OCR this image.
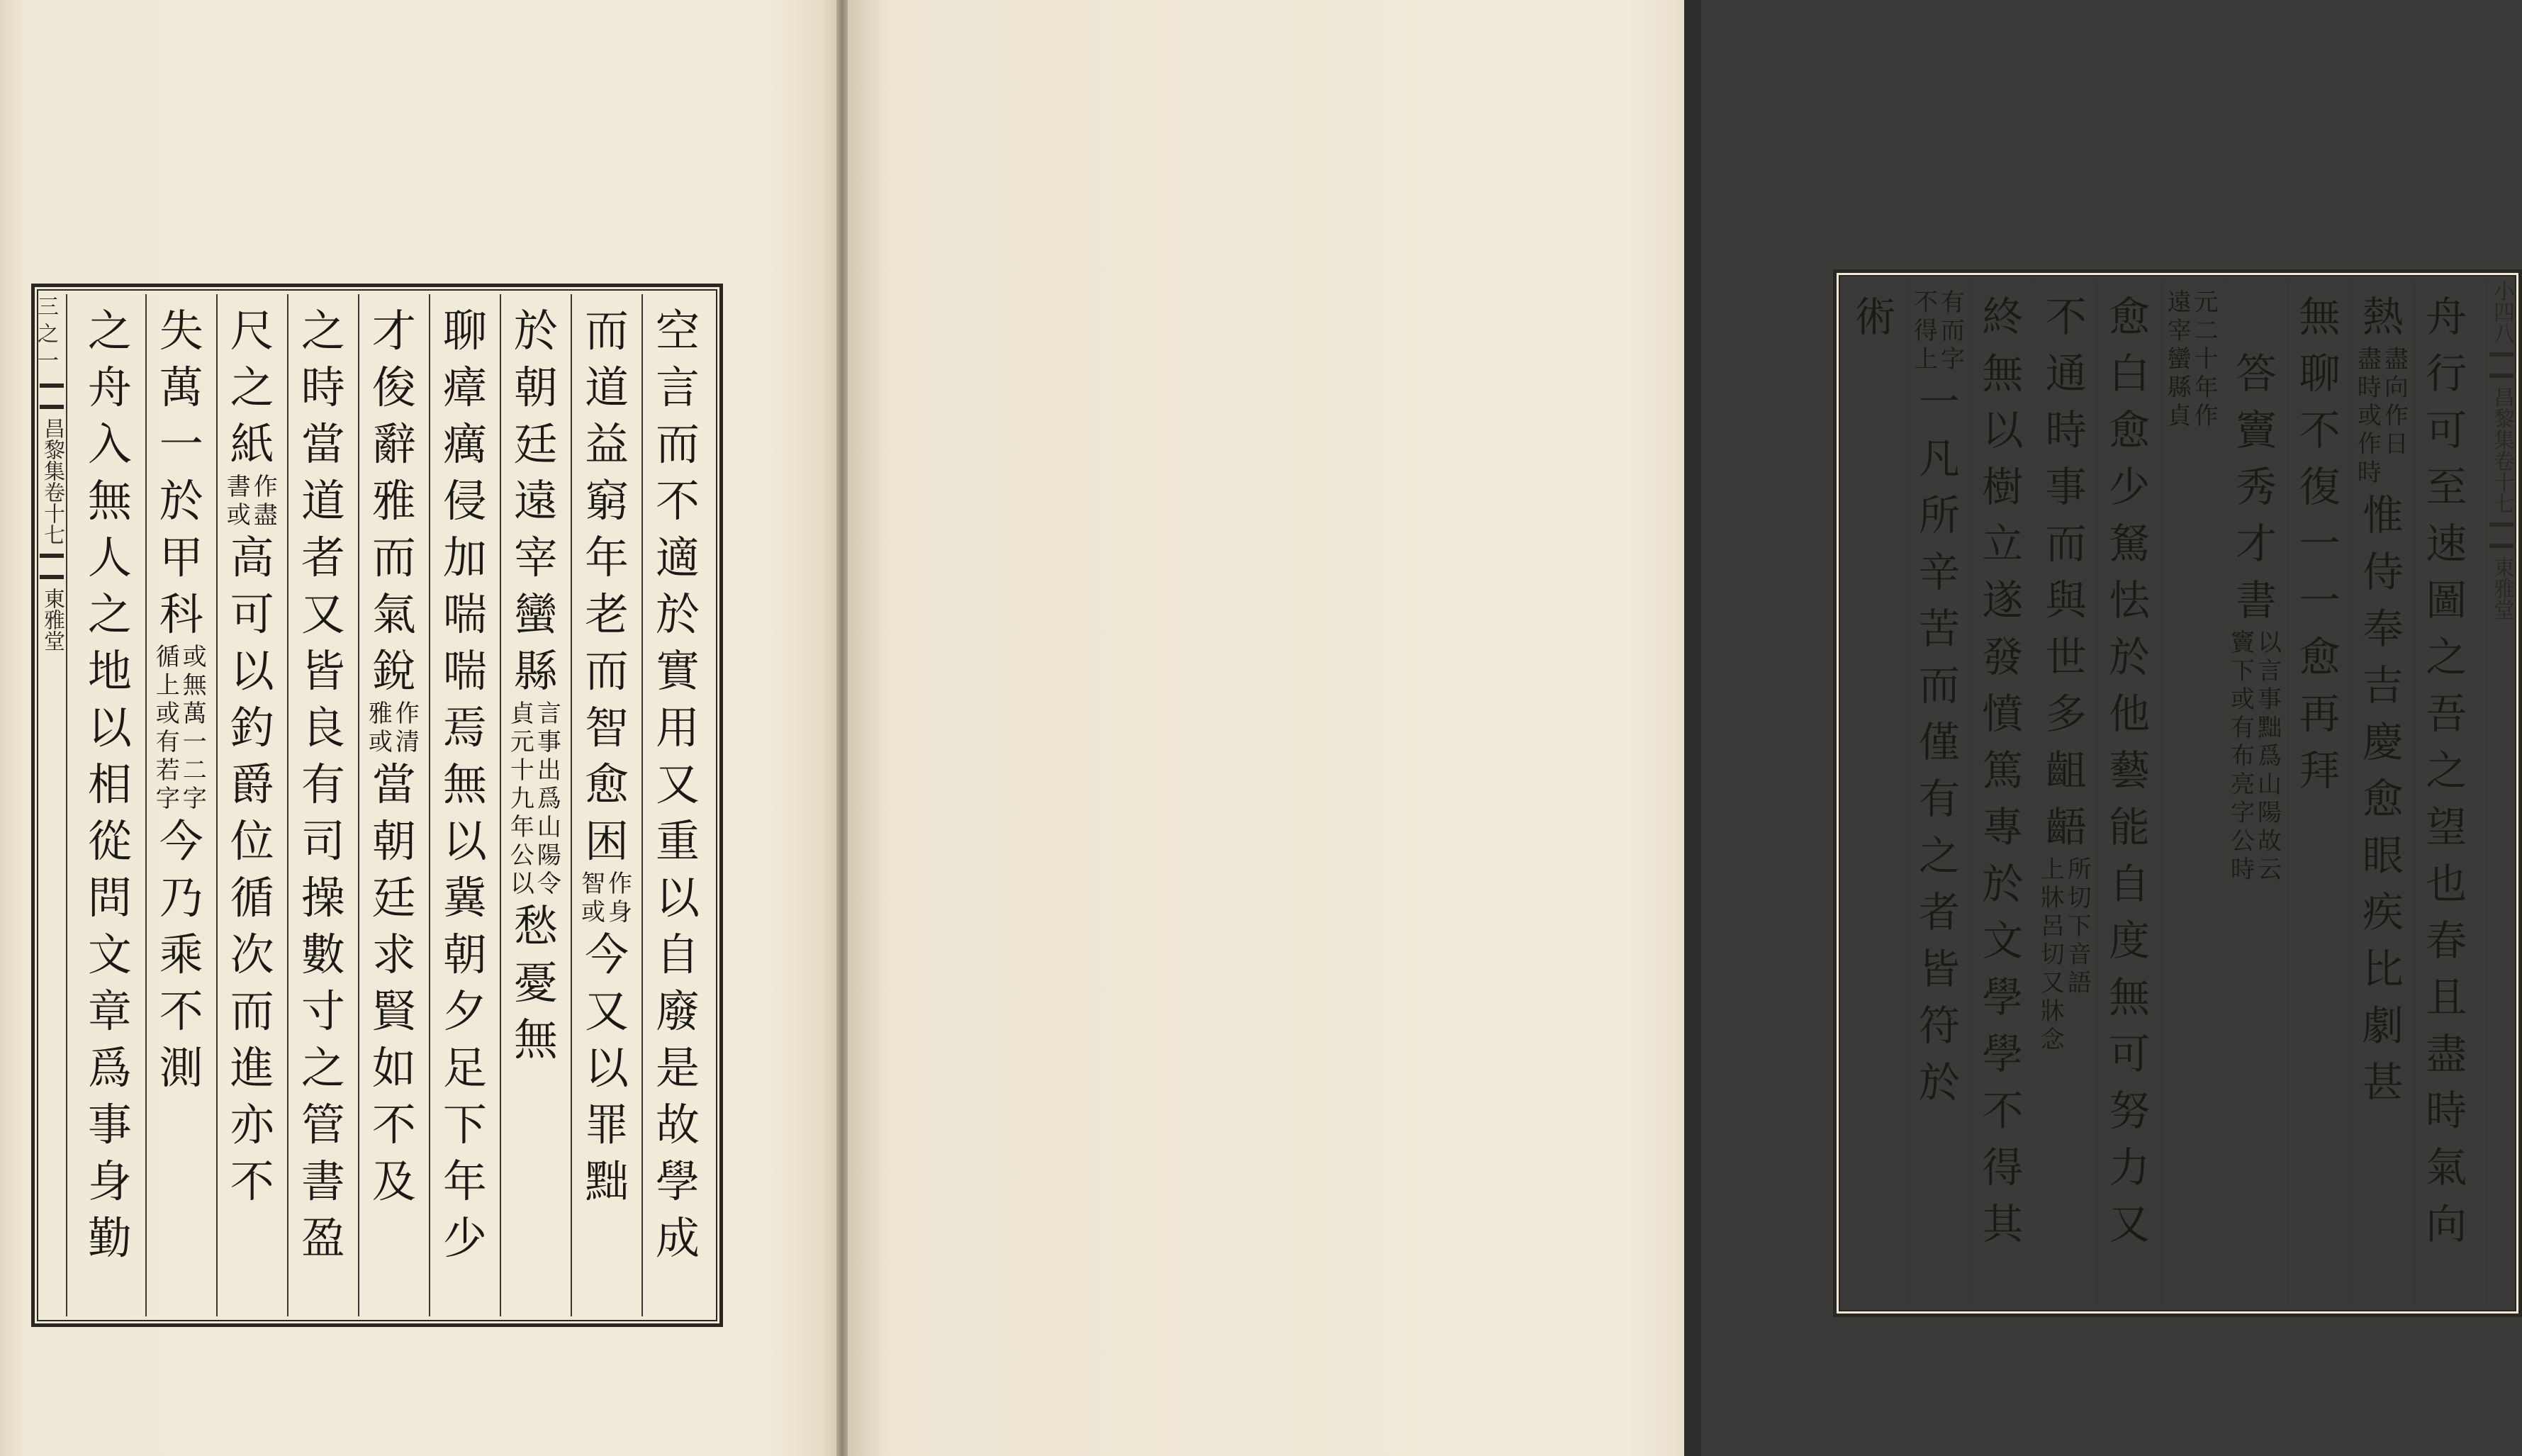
三之一
昌黎集卷十七
東雅堂
空
言
而
不
適
於
實
用
又
重
以
自
廢
是
故
學
成
而
道
益
窮
年
老
而
智
愈
困
作
身
智
或
今
又
以
罪
黜
於
朝
廷
遠
宰
蠻
縣
言
事
出
爲
山
陽
令
貞
元
十
九
年
公
以
愁
憂
無
聊
瘴
癘
侵
加
喘
喘
焉
無
以
冀
朝
夕
足
下
年
少
才
俊
辭
雅
而
氣
銳
作
清
雅
或
當
朝
廷
求
賢
如
不
及
之
時
當
道
者
又
皆
良
有
司
操
數
寸
之
管
書
盈
尺
之
紙
作
盡
書
或
高
可
以
釣
爵
位
循
次
而
進
亦
不
失
萬
一
於
甲
科
或
無
萬
一
二
字
循
上
或
有
若
字
今
乃
乘
不
測
之
舟
入
無
人
之
地
以
相
從
問
文
章
爲
事
身
勤
小四八
昌黎集卷十七
東雅堂
舟
行
可
至
速
圖
之
吾
之
望
也
春
且
盡
時
氣
向
熱
盡
向
作
日
盡
時
或
作
時
惟
侍
奉
吉
慶
愈
眼
疾
比
劇
甚
無
聊
不
復
一
一
愈
再
拜
答
竇
秀
才
書
以
言
事
黜
爲
山
陽
故
云
竇
下
或
有
布
亮
字
公
時
元
二
十
年
作
遠
宰
蠻
縣
貞
愈
白
愈
少
駑
怯
於
他
藝
能
自
度
無
可
努
力
又
不
通
時
事
而
與
世
多
齟
齬
所
切
下
音
語
上
牀
呂
切
又
牀
念
終
無
以
樹
立
遂
發
憤
篤
專
於
文
學
學
不
得
其
有
而
字
不
得
上
一
凡
所
辛
苦
而
僅
有
之
者
皆
符
於
術
